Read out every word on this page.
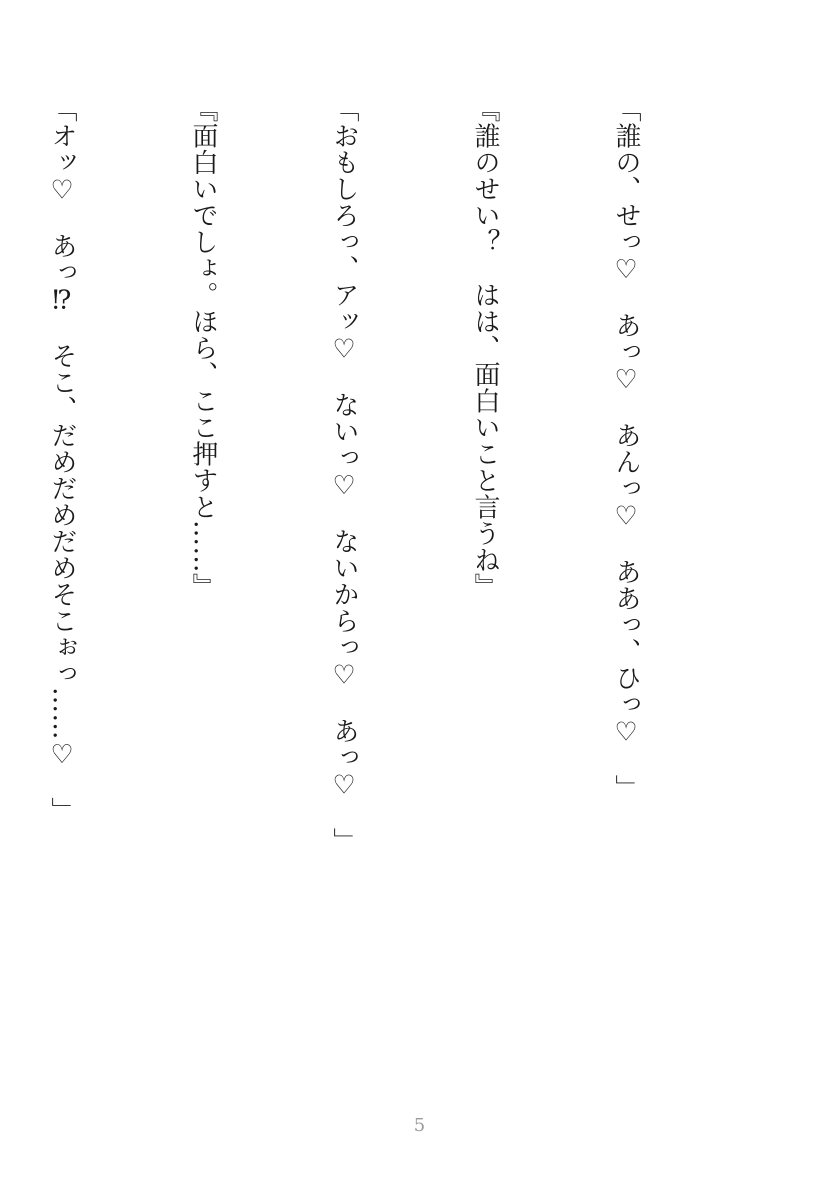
「誰の、せっ♡　あっ♡　あんっ♡　ああっ、ひっ♡　」

『誰のせい？　はは、面白いこと言うね』

「おもしろっ、アッ♡　ないっ♡　ないからっ♡　あっ♡　」

『面白いでしょ。ほら、ここ押すと……』

「オッ♡　あっ⁉　そこ、だめだめだめそこぉっ……♡　」

5
